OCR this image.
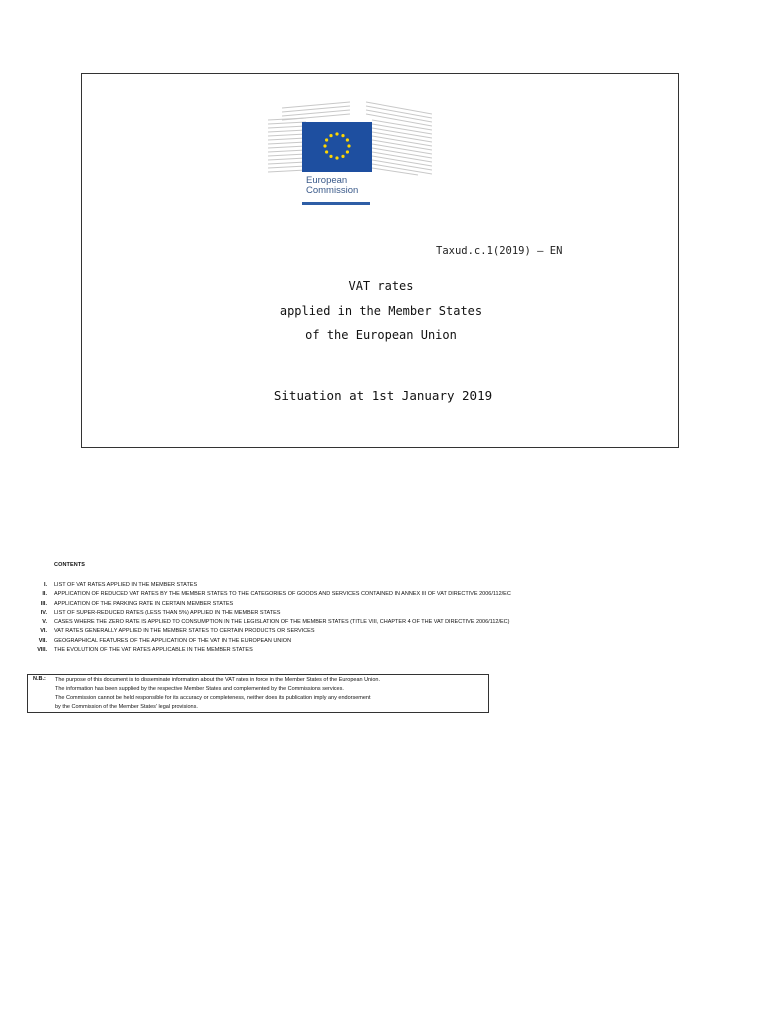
European
Commission
Taxud.c.1(2019) – EN
VAT rates
applied in the Member States
of the European Union
Situation at 1st January 2019
CONTENTS
I. LIST OF VAT RATES APPLIED IN THE MEMBER STATES
II. APPLICATION OF REDUCED VAT RATES BY THE MEMBER STATES TO THE CATEGORIES OF GOODS AND SERVICES CONTAINED IN ANNEX III OF VAT DIRECTIVE 2006/112/EC
III. APPLICATION OF THE PARKING RATE IN CERTAIN MEMBER STATES
IV. LIST OF SUPER-REDUCED RATES (LESS THAN 5%) APPLIED IN THE MEMBER STATES
V. CASES WHERE THE ZERO RATE IS APPLIED TO CONSUMPTION IN THE LEGISLATION OF THE MEMBER STATES (TITLE VIII, CHAPTER 4 OF THE VAT DIRECTIVE 2006/112/EC)
VI. VAT RATES GENERALLY APPLIED IN THE MEMBER STATES TO CERTAIN PRODUCTS OR SERVICES
VII. GEOGRAPHICAL FEATURES OF THE APPLICATION OF THE VAT IN THE EUROPEAN UNION
VIII. THE EVOLUTION OF THE VAT RATES APPLICABLE IN THE MEMBER STATES
N.B.: The purpose of this document is to disseminate information about the VAT rates in force in the Member States of the European Union.
The information has been supplied by the respective Member States and complemented by the Commissions services.
The Commission cannot be held responsible for its accuracy or completeness, neither does its publication imply any endorsement
by the Commission of the Member States' legal provisions.
